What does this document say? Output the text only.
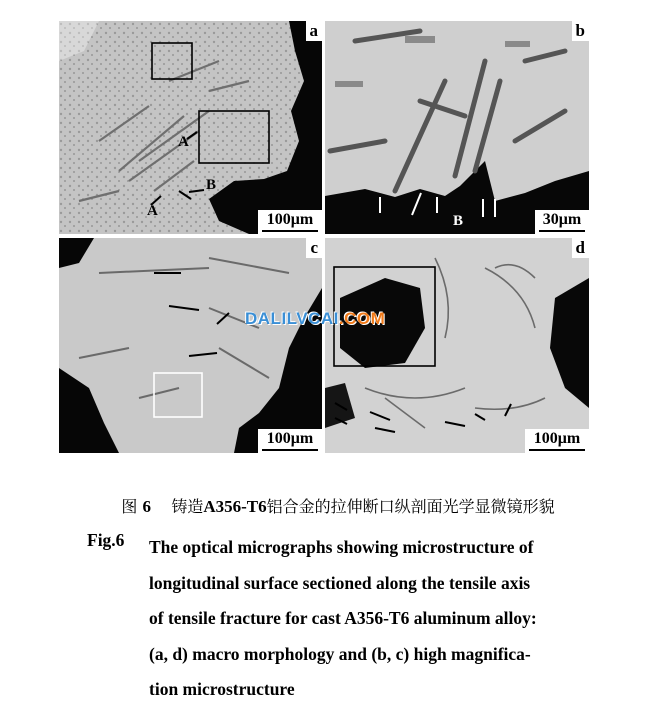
A
B
A
a
100μm	B
b
30μm
c
100μm
d
100μm
DALILVCAI.COM
图 6 铸造A356-T6铝合金的拉伸断口纵剖面光学显微镜形貌
Fig.6 The optical micrographs showing microstructure of
longitudinal surface sectioned along the tensile axis
of tensile fracture for cast A356-T6 aluminum alloy:
(a, d) macro morphology and (b, c) high magnifica-
tion microstructure
